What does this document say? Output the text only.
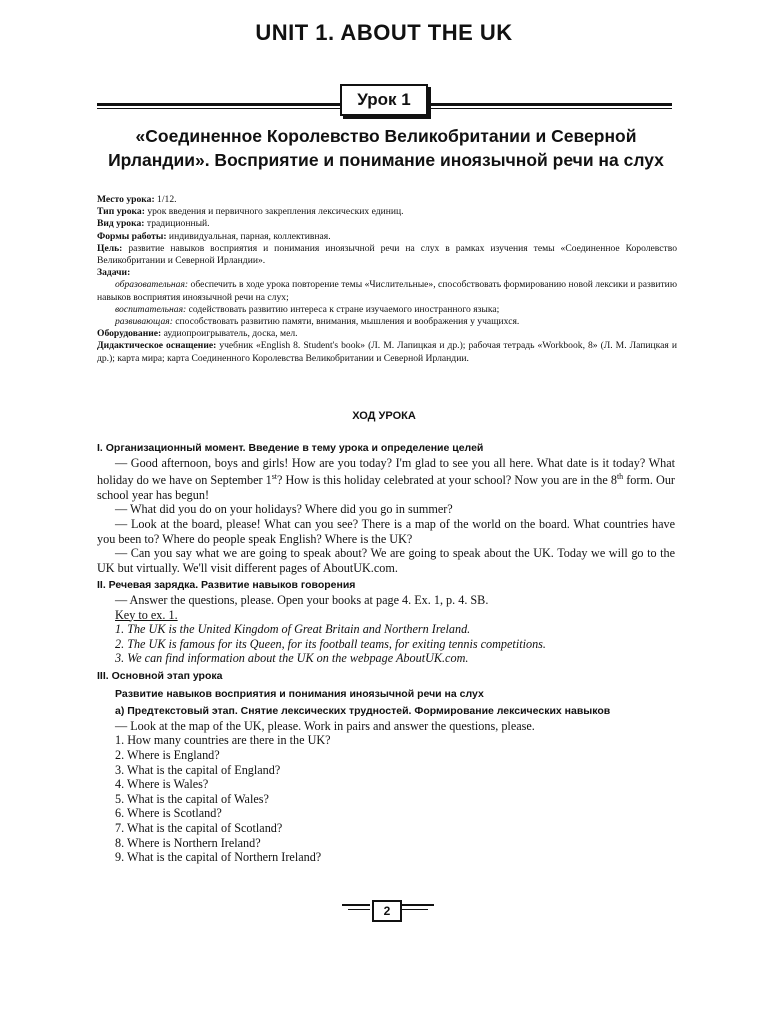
UNIT 1. ABOUT THE UK
Урок 1
«Соединенное Королевство Великобритании и Северной Ирландии». Восприятие и понимание иноязычной речи на слух

Место урока: 1/12.

Тип урока: урок введения и первичного закрепления лексических единиц.

Вид урока: традиционный.

Формы работы: индивидуальная, парная, коллективная.

Цель: развитие навыков восприятия и понимания иноязычной речи на слух в рамках изучения темы «Соединенное Королевство Великобритании и Северной Ирландии».

Задачи:

образовательная: обеспечить в ходе урока повторение темы «Числительные», способствовать формированию новой лексики и развитию навыков восприятия иноязычной речи на слух;

воспитательная: содействовать развитию интереса к стране изучаемого иностранного языка;

развивающая: способствовать развитию памяти, внимания, мышления и воображения у учащихся.

Оборудование: аудиопроигрыватель, доска, мел.

Дидактическое оснащение: учебник «English 8. Student's book» (Л. М. Лапицкая и др.); рабочая тетрадь «Workbook, 8» (Л. М. Лапицкая и др.); карта мира; карта Соединенного Королевства Великобритании и Северной Ирландии.

ХОД УРОКА

I. Организационный момент. Введение в тему урока и определение целей

— Good afternoon, boys and girls! How are you today? I'm glad to see you all here. What date is it today? What holiday do we have on September 1st? How is this holiday celebrated at your school? Now you are in the 8th form. Our school year has begun!

— What did you do on your holidays? Where did you go in summer?

— Look at the board, please! What can you see? There is a map of the world on the board. What countries have you been to? Where do people speak English? Where is the UK?

— Can you say what we are going to speak about? We are going to speak about the UK. Today we will go to the UK but virtually. We'll visit different pages of AboutUK.com.

II. Речевая зарядка. Развитие навыков говорения

— Answer the questions, please. Open your books at page 4. Ex. 1, p. 4. SB.

Key to ex. 1.

1. The UK is the United Kingdom of Great Britain and Northern Ireland.

2. The UK is famous for its Queen, for its football teams, for exiting tennis competitions.

3. We can find information about the UK on the webpage AboutUK.com.

III. Основной этап урока

Развитие навыков восприятия и понимания иноязычной речи на слух

а) Предтекстовый этап. Снятие лексических трудностей. Формирование лексических навыков

— Look at the map of the UK, please. Work in pairs and answer the questions, please.

1. How many countries are there in the UK?

2. Where is England?

3. What is the capital of England?

4. Where is Wales?

5. What is the capital of Wales?

6. Where is Scotland?

7. What is the capital of Scotland?

8. Where is Northern Ireland?

9. What is the capital of Northern Ireland?

2
